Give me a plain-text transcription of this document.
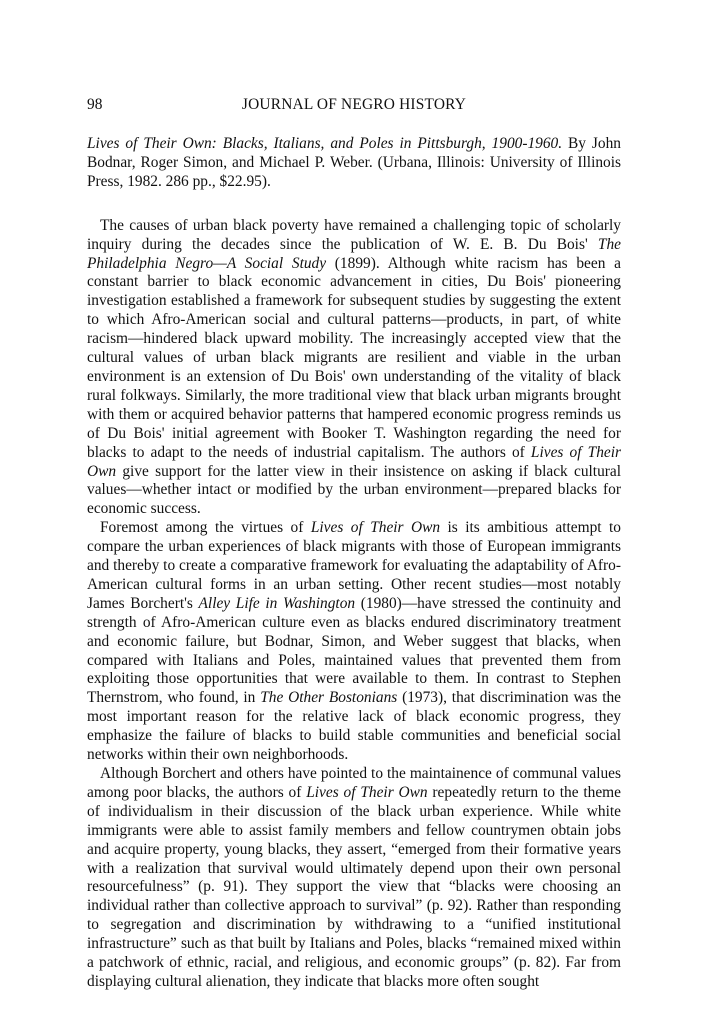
98	JOURNAL OF NEGRO HISTORY

Lives of Their Own: Blacks, Italians, and Poles in Pittsburgh, 1900-1960. By John Bodnar, Roger Simon, and Michael P. Weber. (Urbana, Illinois: University of Illinois Press, 1982. 286 pp., $22.95).

The causes of urban black poverty have remained a challenging topic of scholarly inquiry during the decades since the publication of W. E. B. Du Bois' The Philadelphia Negro—A Social Study (1899). Although white racism has been a constant barrier to black economic advancement in cities, Du Bois' pioneering investigation established a framework for subsequent studies by suggesting the extent to which Afro-American social and cultural patterns—products, in part, of white racism—hindered black upward mobility. The increasingly accepted view that the cultural values of urban black migrants are resilient and viable in the urban environment is an extension of Du Bois' own understanding of the vitality of black rural folkways. Similarly, the more traditional view that black urban migrants brought with them or acquired behavior patterns that hampered economic progress reminds us of Du Bois' initial agreement with Booker T. Washington regarding the need for blacks to adapt to the needs of industrial capitalism. The authors of Lives of Their Own give support for the latter view in their insistence on asking if black cultural values—whether intact or modified by the urban environment—prepared blacks for economic success.

Foremost among the virtues of Lives of Their Own is its ambitious attempt to compare the urban experiences of black migrants with those of European immigrants and thereby to create a comparative framework for evaluating the adaptability of Afro-American cultural forms in an urban setting. Other recent studies—most notably James Borchert's Alley Life in Washington (1980)—have stressed the continuity and strength of Afro-American culture even as blacks endured discriminatory treatment and economic failure, but Bodnar, Simon, and Weber suggest that blacks, when compared with Italians and Poles, maintained values that prevented them from exploiting those opportunities that were available to them. In contrast to Stephen Thernstrom, who found, in The Other Bostonians (1973), that discrimination was the most important reason for the relative lack of black economic progress, they emphasize the failure of blacks to build stable communities and beneficial social networks within their own neighborhoods.

Although Borchert and others have pointed to the maintainence of communal values among poor blacks, the authors of Lives of Their Own repeatedly return to the theme of individualism in their discussion of the black urban experience. While white immigrants were able to assist family members and fellow countrymen obtain jobs and acquire property, young blacks, they assert, “emerged from their formative years with a realization that survival would ultimately depend upon their own personal resourcefulness” (p. 91). They support the view that “blacks were choosing an individual rather than collective approach to survival” (p. 92). Rather than responding to segregation and discrimination by withdrawing to a “unified institutional infrastructure” such as that built by Italians and Poles, blacks “remained mixed within a patchwork of ethnic, racial, and religious, and economic groups” (p. 82). Far from displaying cultural alienation, they indicate that blacks more often sought
